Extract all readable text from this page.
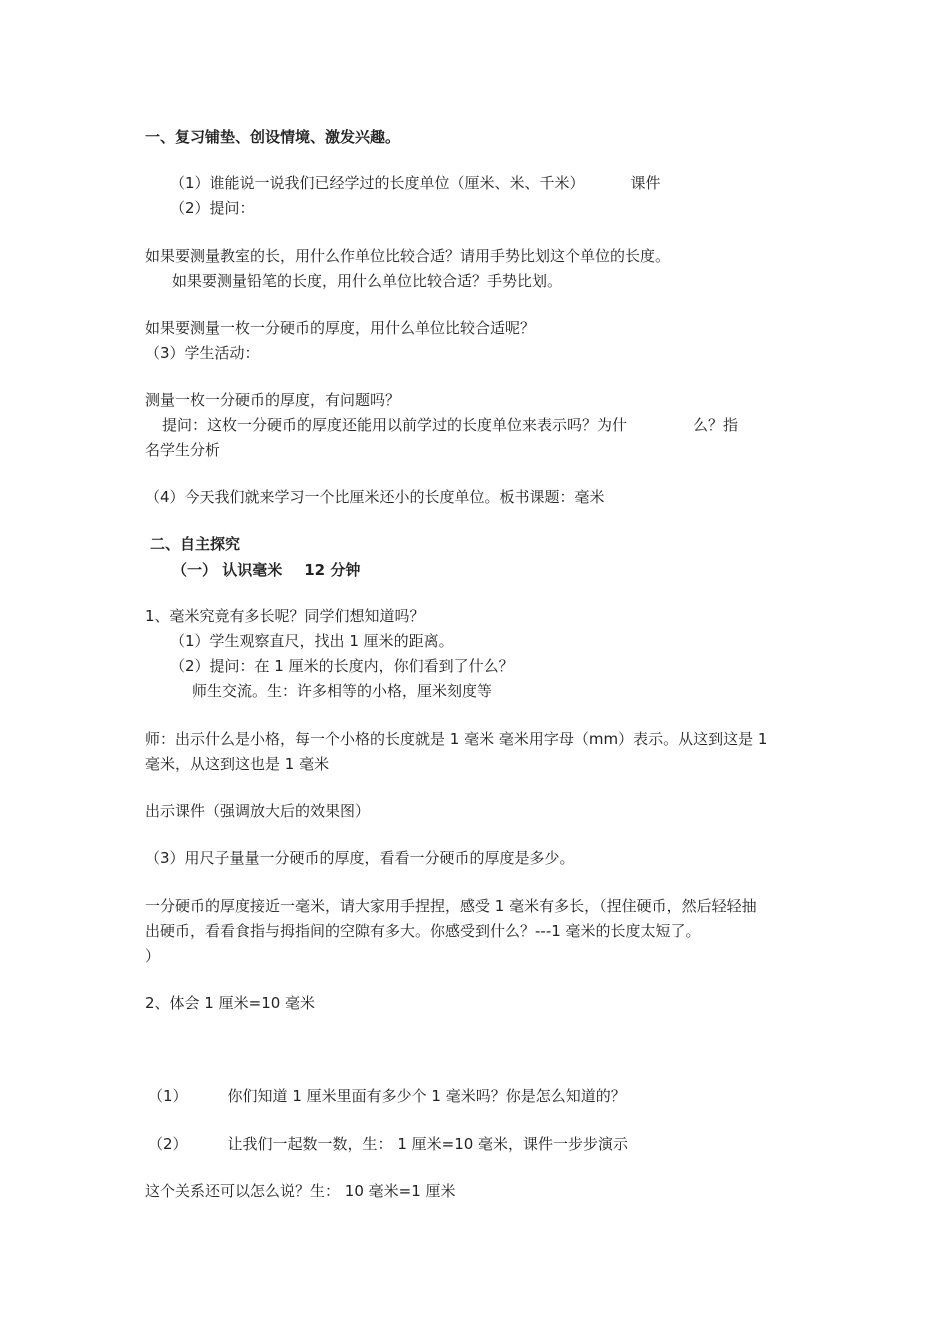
一、复习铺垫、创设情境、激发兴趣。
（1）谁能说一说我们已经学过的长度单位（厘米、米、千米）	课件
（2）提问：
如果要测量教室的长，用什么作单位比较合适？请用手势比划这个单位的长度。
如果要测量铅笔的长度，用什么单位比较合适？手势比划。
如果要测量一枚一分硬币的厚度，用什么单位比较合适呢？
（3）学生活动：
测量一枚一分硬币的厚度，有问题吗？
提问：这枚一分硬币的厚度还能用以前学过的长度单位来表示吗？为什	么？指
名学生分析
（4）今天我们就来学习一个比厘米还小的长度单位。板书课题：毫米
二、自主探究
（一） 认识毫米 12 分钟
1、毫米究竟有多长呢？同学们想知道吗？
（1）学生观察直尺，找出 1 厘米的距离。
（2）提问：在 1 厘米的长度内，你们看到了什么？
师生交流。生：许多相等的小格，厘米刻度等
师：出示什么是小格，每一个小格的长度就是 1 毫米 毫米用字母（mm）表示。从这到这是 1
毫米，从这到这也是 1 毫米
出示课件（强调放大后的效果图）
（3）用尺子量量一分硬币的厚度，看看一分硬币的厚度是多少。
一分硬币的厚度接近一毫米，请大家用手捏捏，感受 1 毫米有多长，（捏住硬币，然后轻轻抽
出硬币，看看食指与拇指间的空隙有多大。你感受到什么？---1 毫米的长度太短了。
）
2、体会 1 厘米=10 毫米
（1）	你们知道 1 厘米里面有多少个 1 毫米吗？你是怎么知道的？
（2）	让我们一起数一数，生： 1 厘米=10 毫米，课件一步步演示
这个关系还可以怎么说？生： 10 毫米=1 厘米
